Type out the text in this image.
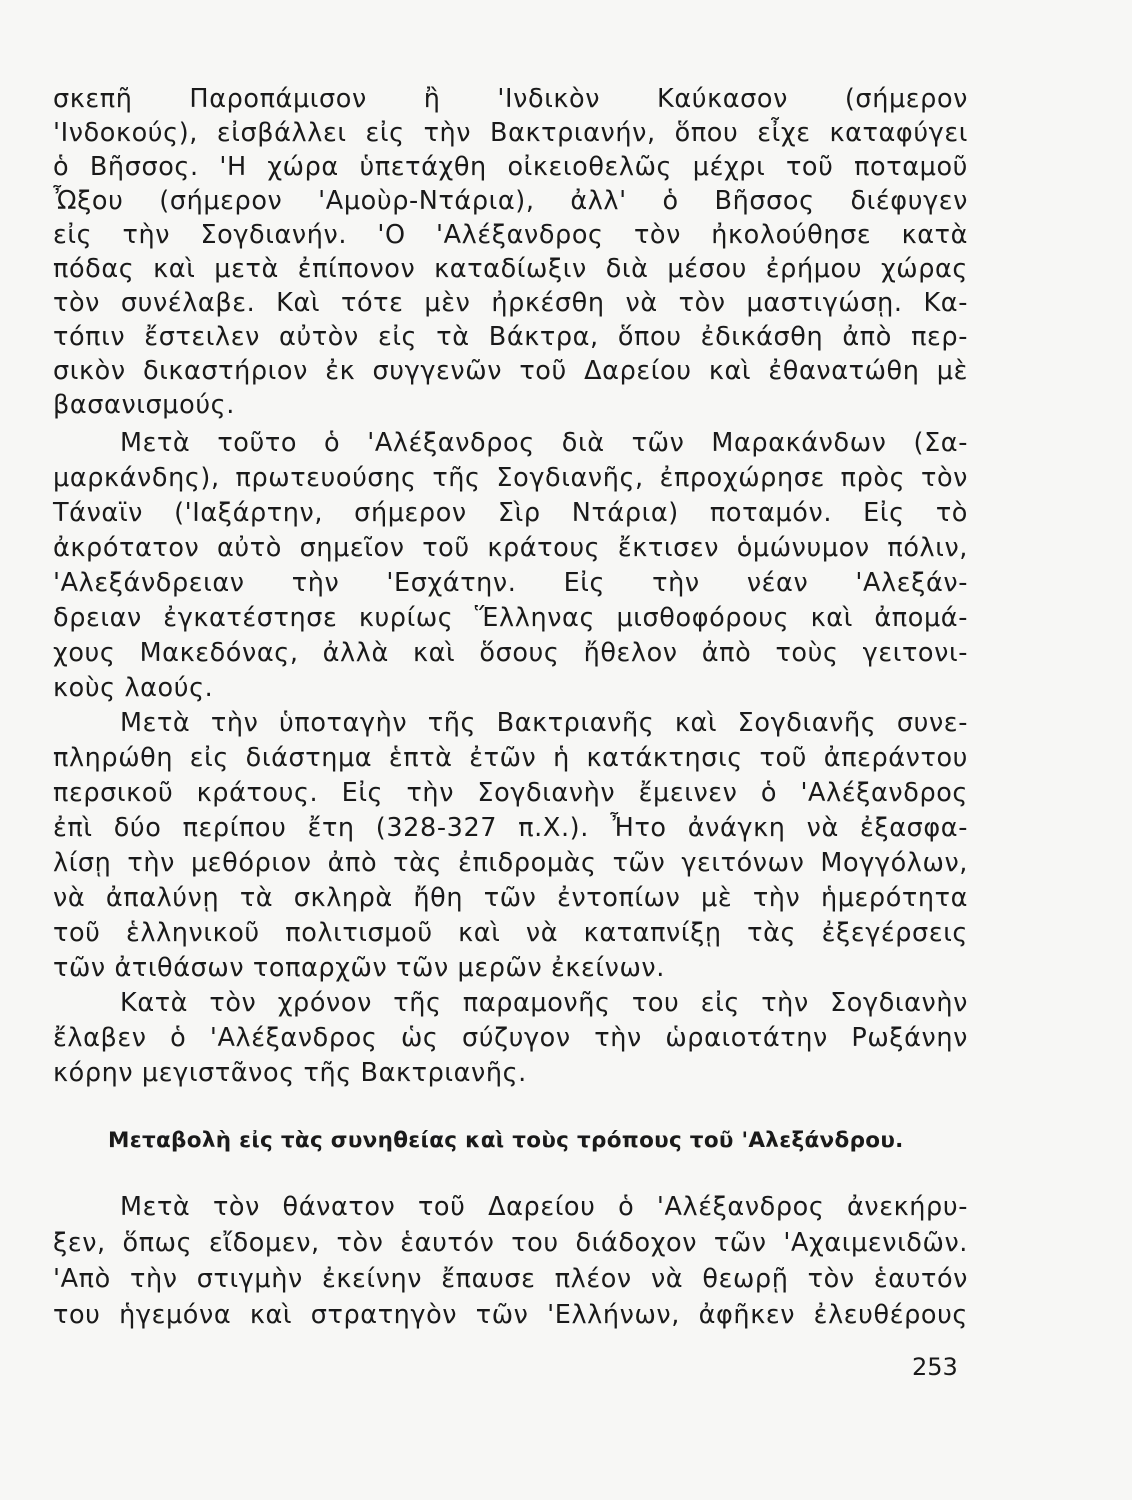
σκεπῆ Παροπάμισον ἢ 'Ινδικὸν Καύκασον (σήμερον
'Ινδοκούς), εἰσβάλλει εἰς τὴν Βακτριανήν, ὅπου εἶχε καταφύγει
ὁ Βῆσσος. 'Η χώρα ὑπετάχθη οἰκειοθελῶς μέχρι τοῦ ποταμοῦ
Ὦξου (σήμερον 'Αμοὺρ-Ντάρια), ἀλλ' ὁ Βῆσσος διέφυγεν
εἰς τὴν Σογδιανήν. 'Ο 'Αλέξανδρος τὸν ἠκολούθησε κατὰ
πόδας καὶ μετὰ ἐπίπονον καταδίωξιν διὰ μέσου ἐρήμου χώρας
τὸν συνέλαβε. Καὶ τότε μὲν ἠρκέσθη νὰ τὸν μαστιγώσῃ. Κα-
τόπιν ἔστειλεν αὐτὸν εἰς τὰ Βάκτρα, ὅπου ἐδικάσθη ἀπὸ περ-
σικὸν δικαστήριον ἐκ συγγενῶν τοῦ Δαρείου καὶ ἐθανατώθη μὲ
βασανισμούς.
Μετὰ τοῦτο ὁ 'Αλέξανδρος διὰ τῶν Μαρακάνδων (Σα-
μαρκάνδης), πρωτευούσης τῆς Σογδιανῆς, ἐπροχώρησε πρὸς τὸν
Τάναϊν ('Ιαξάρτην, σήμερον Σὶρ Ντάρια) ποταμόν. Εἰς τὸ
ἀκρότατον αὐτὸ σημεῖον τοῦ κράτους ἔκτισεν ὁμώνυμον πόλιν,
'Αλεξάνδρειαν τὴν 'Εσχάτην. Εἰς τὴν νέαν 'Αλεξάν-
δρειαν ἐγκατέστησε κυρίως Ἕλληνας μισθοφόρους καὶ ἀπομά-
χους Μακεδόνας, ἀλλὰ καὶ ὅσους ἤθελον ἀπὸ τοὺς γειτονι-
κοὺς λαούς.
Μετὰ τὴν ὑποταγὴν τῆς Βακτριανῆς καὶ Σογδιανῆς συνε-
πληρώθη εἰς διάστημα ἑπτὰ ἐτῶν ἡ κατάκτησις τοῦ ἀπεράντου
περσικοῦ κράτους. Εἰς τὴν Σογδιανὴν ἔμεινεν ὁ 'Αλέξανδρος
ἐπὶ δύο περίπου ἔτη (328-327 π.Χ.). Ἦτο ἀνάγκη νὰ ἐξασφα-
λίσῃ τὴν μεθόριον ἀπὸ τὰς ἐπιδρομὰς τῶν γειτόνων Μογγόλων,
νὰ ἀπαλύνῃ τὰ σκληρὰ ἤθη τῶν ἐντοπίων μὲ τὴν ἡμερότητα
τοῦ ἑλληνικοῦ πολιτισμοῦ καὶ νὰ καταπνίξῃ τὰς ἐξεγέρσεις
τῶν ἀτιθάσων τοπαρχῶν τῶν μερῶν ἐκείνων.
Κατὰ τὸν χρόνον τῆς παραμονῆς του εἰς τὴν Σογδιανὴν
ἔλαβεν ὁ 'Αλέξανδρος ὡς σύζυγον τὴν ὡραιοτάτην Ρωξάνην
κόρην μεγιστᾶνος τῆς Βακτριανῆς.
Μεταβολὴ εἰς τὰς συνηθείας καὶ τοὺς τρόπους τοῦ 'Αλεξάνδρου.
Μετὰ τὸν θάνατον τοῦ Δαρείου ὁ 'Αλέξανδρος ἀνεκήρυ-
ξεν, ὅπως εἴδομεν, τὸν ἑαυτόν του διάδοχον τῶν 'Αχαιμενιδῶν.
'Απὸ τὴν στιγμὴν ἐκείνην ἔπαυσε πλέον νὰ θεωρῇ τὸν ἑαυτόν
του ἡγεμόνα καὶ στρατηγὸν τῶν 'Ελλήνων, ἀφῆκεν ἐλευθέρους
253
